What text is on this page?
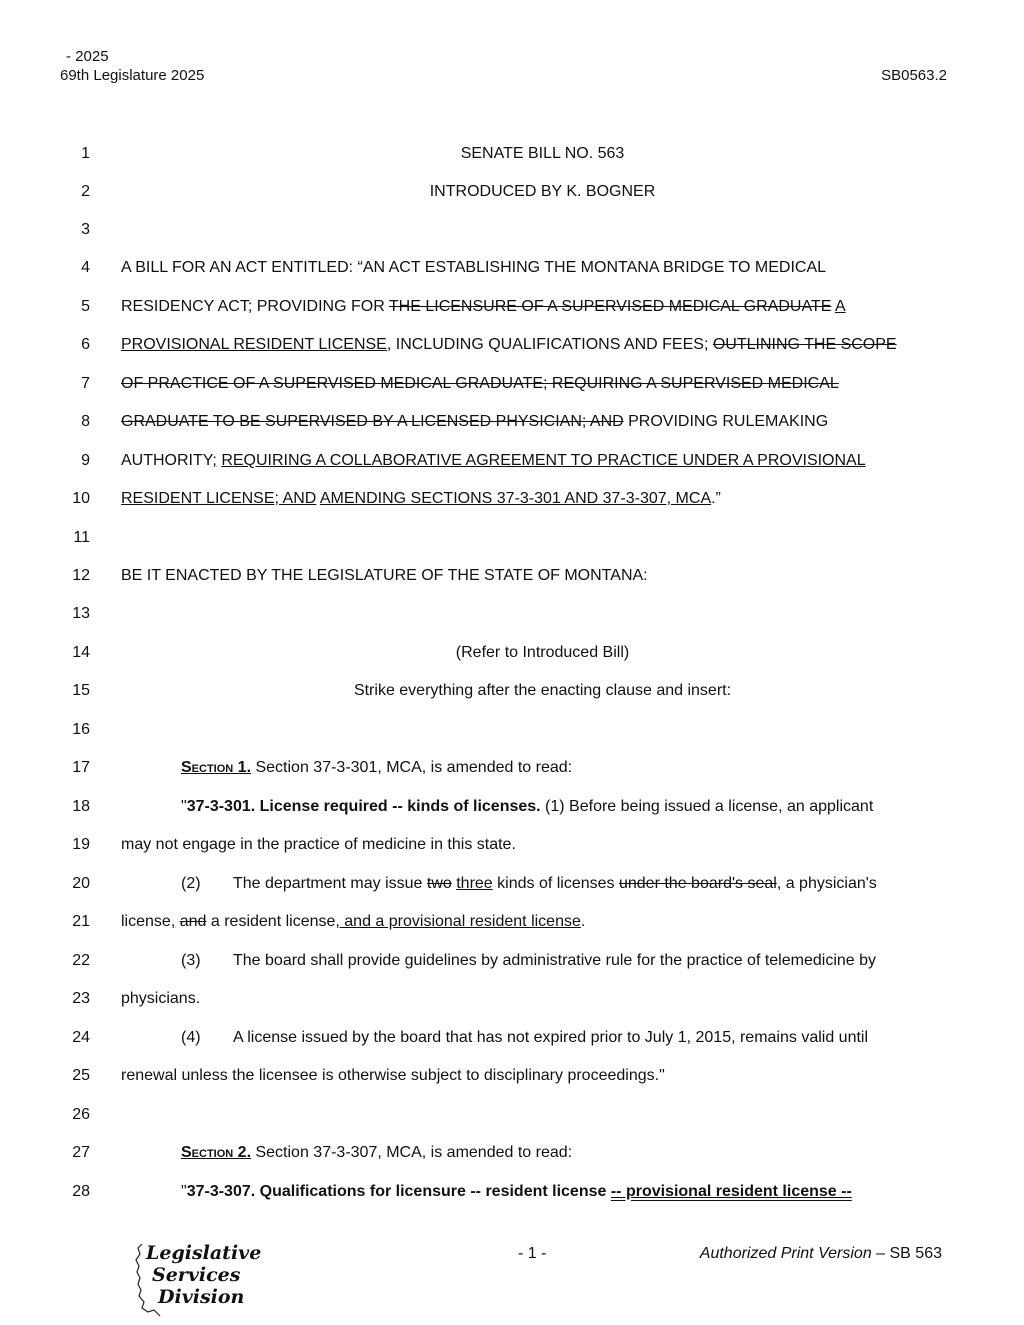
- 2025
69th Legislature 2025	SB0563.2
1	SENATE BILL NO. 563
2	INTRODUCED BY K. BOGNER
3
4 A BILL FOR AN ACT ENTITLED: “AN ACT ESTABLISHING THE MONTANA BRIDGE TO MEDICAL
5 RESIDENCY ACT; PROVIDING FOR THE LICENSURE OF A SUPERVISED MEDICAL GRADUATE A
6 PROVISIONAL RESIDENT LICENSE, INCLUDING QUALIFICATIONS AND FEES; OUTLINING THE SCOPE
7 OF PRACTICE OF A SUPERVISED MEDICAL GRADUATE; REQUIRING A SUPERVISED MEDICAL
8 GRADUATE TO BE SUPERVISED BY A LICENSED PHYSICIAN; AND PROVIDING RULEMAKING
9 AUTHORITY; REQUIRING A COLLABORATIVE AGREEMENT TO PRACTICE UNDER A PROVISIONAL
10 RESIDENT LICENSE; AND AMENDING SECTIONS 37-3-301 AND 37-3-307, MCA.”
11
12 BE IT ENACTED BY THE LEGISLATURE OF THE STATE OF MONTANA:
13
14	(Refer to Introduced Bill)
15	Strike everything after the enacting clause and insert:
16
17	Section 1. Section 37-3-301, MCA, is amended to read:
18	"37-3-301. License required -- kinds of licenses. (1) Before being issued a license, an applicant
19 may not engage in the practice of medicine in this state.
20	(2) The department may issue two three kinds of licenses under the board's seal, a physician's
21 license, and a resident license, and a provisional resident license.
22	(3) The board shall provide guidelines by administrative rule for the practice of telemedicine by
23 physicians.
24	(4) A license issued by the board that has not expired prior to July 1, 2015, remains valid until
25 renewal unless the licensee is otherwise subject to disciplinary proceedings."
26
27	Section 2. Section 37-3-307, MCA, is amended to read:
28	"37-3-307. Qualifications for licensure -- resident license -- provisional resident license --
Legislative
Services
Division
- 1 -	Authorized Print Version – SB 563
